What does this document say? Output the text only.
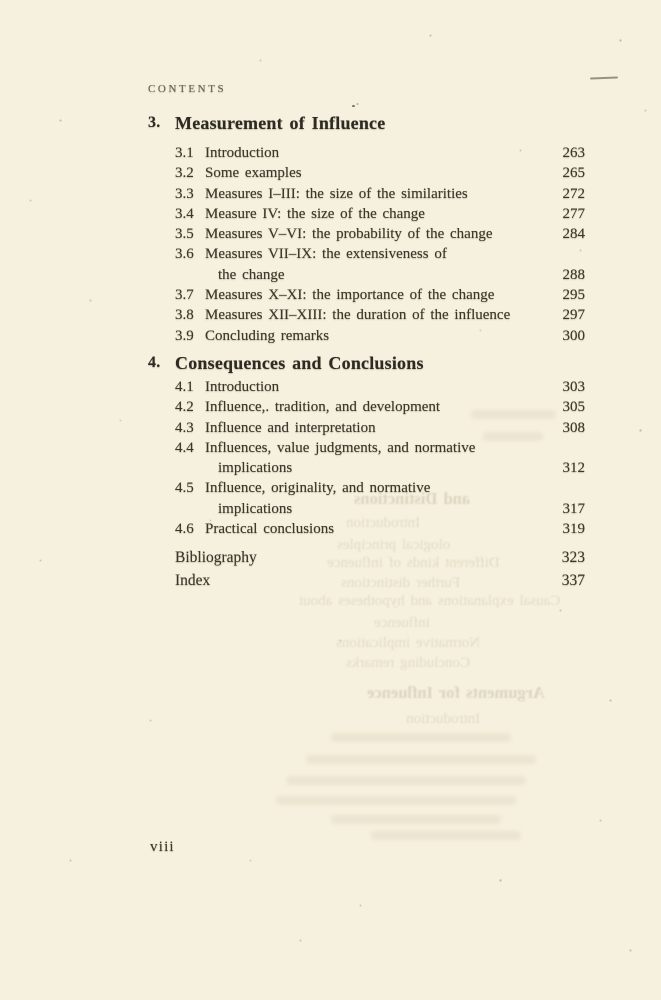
and Distinctions
Introduction
ological principles
Different kinds of influence
Further distinctions
Causal explanations and hypotheses about
influence
Normative implications
Concluding remarks
Arguments for Influence
Introduction
CONTENTS
3. Measurement of Influence
3.1 Introduction	263
3.2 Some examples	265
3.3 Measures I–III: the size of the similarities	272
3.4 Measure IV: the size of the change	277
3.5 Measures V–VI: the probability of the change	284
3.6 Measures VII–IX: the extensiveness of
the change	288
3.7 Measures X–XI: the importance of the change	295
3.8 Measures XII–XIII: the duration of the influence	297
3.9 Concluding remarks	300
4. Consequences and Conclusions
4.1 Introduction	303
4.2 Influence,. tradition, and development	305
4.3 Influence and interpretation	308
4.4 Influences, value judgments, and normative
implications	312
4.5 Influence, originality, and normative
implications	317
4.6 Practical conclusions	319
Bibliography	323
Index	337
viii
